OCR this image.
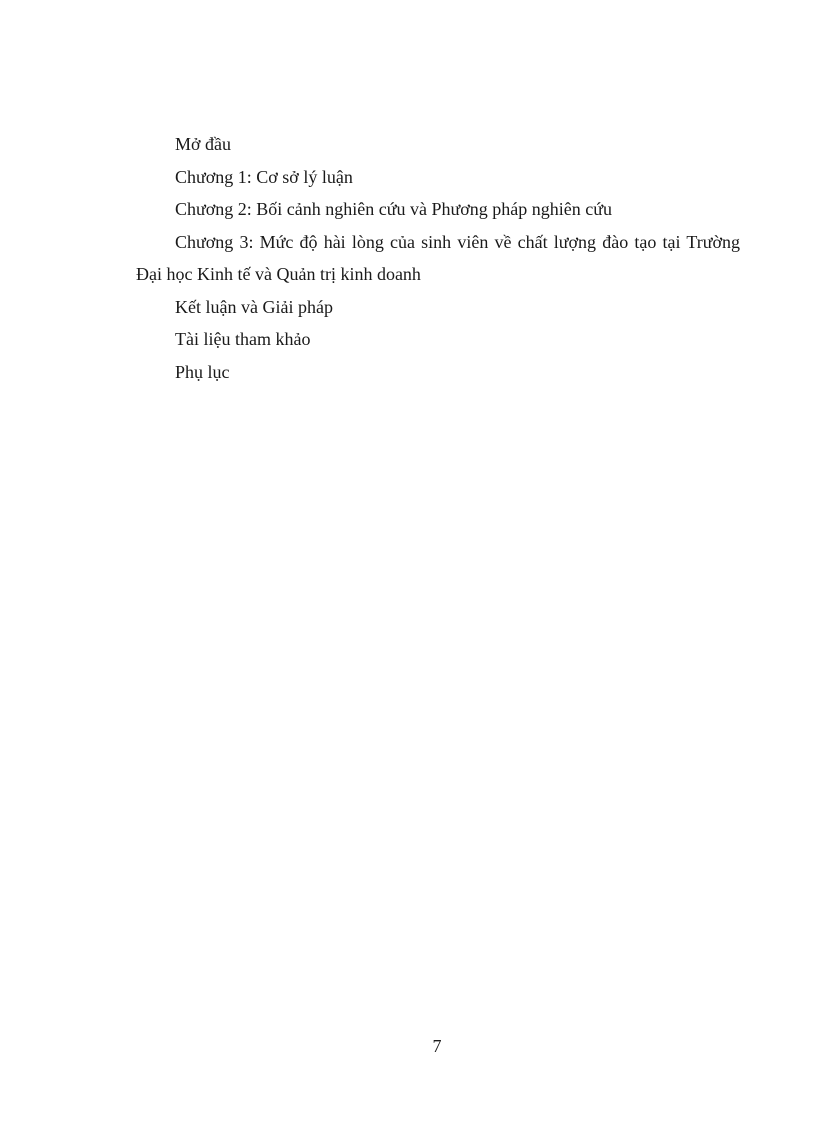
Mở đầu

Chương 1: Cơ sở lý luận

Chương 2: Bối cảnh nghiên cứu và Phương pháp nghiên cứu

Chương 3: Mức độ hài lòng của sinh viên về chất lượng đào tạo tại Trường Đại học Kinh tế và Quản trị kinh doanh

Kết luận và Giải pháp

Tài liệu tham khảo

Phụ lục

7
